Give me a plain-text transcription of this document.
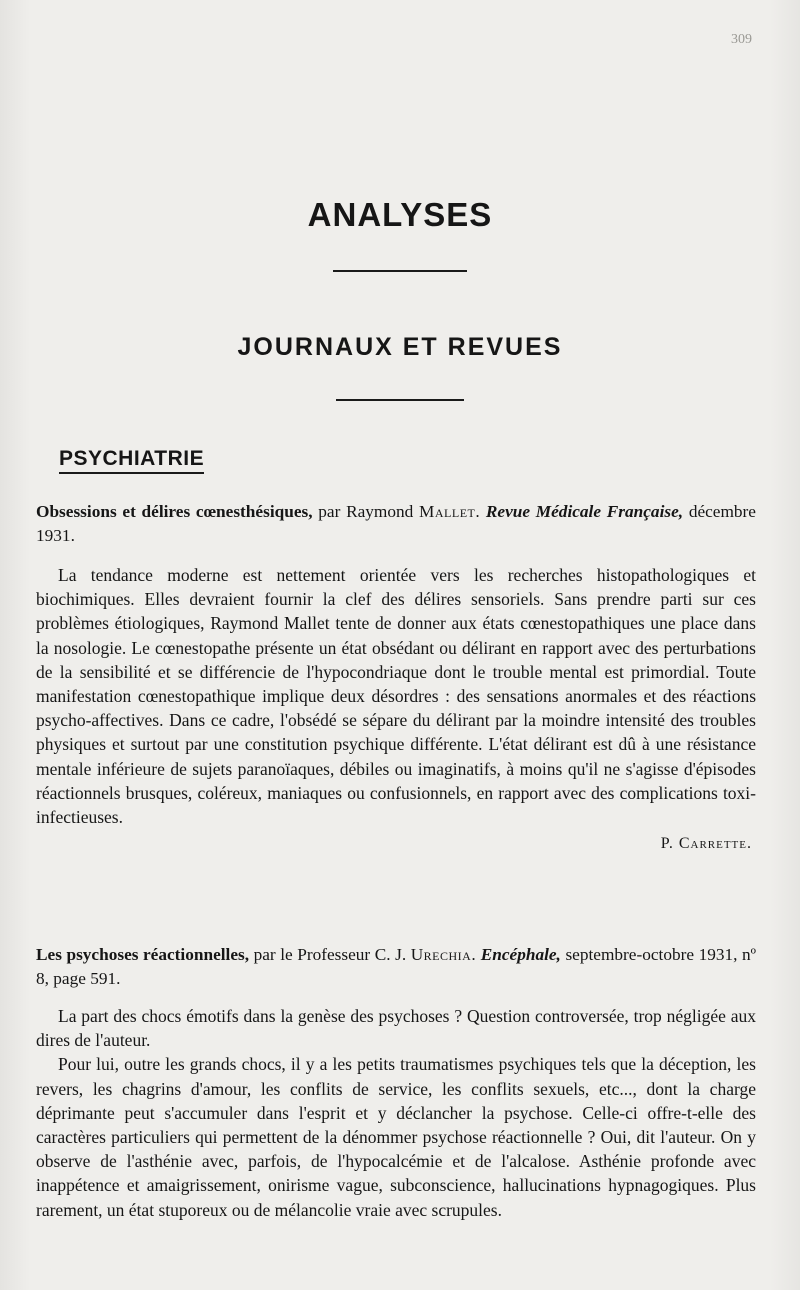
309
ANALYSES
JOURNAUX ET REVUES
PSYCHIATRIE

Obsessions et délires cœnesthésiques, par Raymond Mallet. Revue Médicale Française, décembre 1931.

La tendance moderne est nettement orientée vers les recherches histopathologiques et biochimiques. Elles devraient fournir la clef des délires sensoriels. Sans prendre parti sur ces problèmes étiologiques, Raymond Mallet tente de donner aux états cœnestopathiques une place dans la nosologie. Le cœnestopathe présente un état obsédant ou délirant en rapport avec des perturbations de la sensibilité et se différencie de l'hypocondriaque dont le trouble mental est primordial. Toute manifestation cœnestopathique implique deux désordres : des sensations anormales et des réactions psycho-affectives. Dans ce cadre, l'obsédé se sépare du délirant par la moindre intensité des troubles physiques et surtout par une constitution psychique différente. L'état délirant est dû à une résistance mentale inférieure de sujets paranoïaques, débiles ou imaginatifs, à moins qu'il ne s'agisse d'épisodes réactionnels brusques, coléreux, maniaques ou confusionnels, en rapport avec des complications toxi-infectieuses.

P. Carrette.

Les psychoses réactionnelles, par le Professeur C. J. Urechia. Encéphale, septembre-octobre 1931, nº 8, page 591.

La part des chocs émotifs dans la genèse des psychoses ? Question controversée, trop négligée aux dires de l'auteur.

Pour lui, outre les grands chocs, il y a les petits traumatismes psychiques tels que la déception, les revers, les chagrins d'amour, les conflits de service, les conflits sexuels, etc..., dont la charge déprimante peut s'accumuler dans l'esprit et y déclancher la psychose. Celle-ci offre-t-elle des caractères particuliers qui permettent de la dénommer psychose réactionnelle ? Oui, dit l'auteur. On y observe de l'asthénie avec, parfois, de l'hypocalcémie et de l'alcalose. Asthénie profonde avec inappétence et amaigrissement, onirisme vague, subconscience, hallucinations hypnagogiques. Plus rarement, un état stuporeux ou de mélancolie vraie avec scrupules.
